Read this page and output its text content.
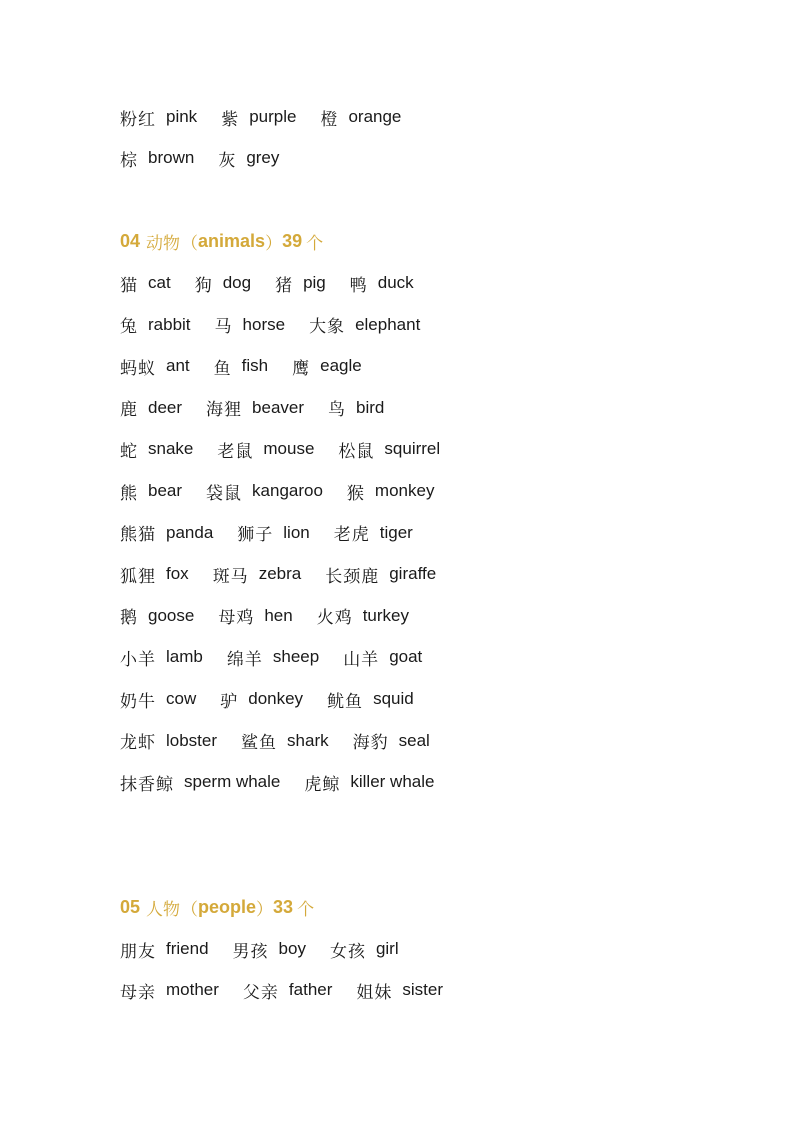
粉红 pink 紫 purple 橙 orange
棕 brown 灰 grey
04 动物 （ animals ） 39 个
猫 cat 狗 dog 猪 pig 鸭 duck
兔 rabbit 马 horse 大象 elephant
蚂蚁 ant 鱼 fish 鹰 eagle
鹿 deer 海狸 beaver 鸟 bird
蛇 snake 老鼠 mouse 松鼠 squirrel
熊 bear 袋鼠 kangaroo 猴 monkey
熊猫 panda 狮子 lion 老虎 tiger
狐狸 fox 斑马 zebra 长颈鹿 giraffe
鹅 goose 母鸡 hen 火鸡 turkey
小羊 lamb 绵羊 sheep 山羊 goat
奶牛 cow 驴 donkey 鱿鱼 squid
龙虾 lobster 鲨鱼 shark 海豹 seal
抹香鲸 sperm whale 虎鲸 killer whale
05 人物 （ people ） 33 个
朋友 friend 男孩 boy 女孩 girl
母亲 mother 父亲 father 姐妹 sister
